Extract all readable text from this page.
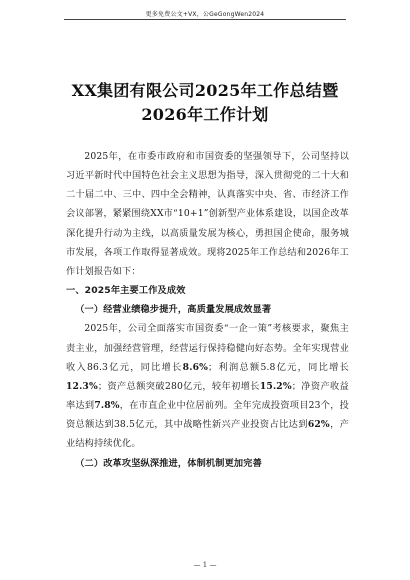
更多免费公文+VX，公GeGongWen2024
XX集团有限公司2025年工作总结暨
2026年工作计划

2025年，在市委市政府和市国资委的坚强领导下，公司坚持以习近平新时代中国特色社会主义思想为指导，深入贯彻党的二十大和二十届二中、三中、四中全会精神，认真落实中央、省、市经济工作会议部署，紧紧围绕XX市“10+1”创新型产业体系建设，以国企改革深化提升行动为主线，以高质量发展为核心，勇担国企使命，服务城市发展，各项工作取得显著成效。现将2025年工作总结和2026年工作计划报告如下：

一、2025年主要工作及成效

（一）经营业绩稳步提升，高质量发展成效显著

2025年，公司全面落实市国资委“一企一策”考核要求，聚焦主责主业，加强经营管理，经营运行保持稳健向好态势。全年实现营业收入86.3亿元，同比增长8.6%；利润总额5.8亿元，同比增长12.3%；资产总额突破280亿元，较年初增长15.2%；净资产收益率达到7.8%，在市直企业中位居前列。全年完成投资项目23个，投资总额达到38.5亿元，其中战略性新兴产业投资占比达到62%，产业结构持续优化。

（二）改革攻坚纵深推进，体制机制更加完善

— 1 —
